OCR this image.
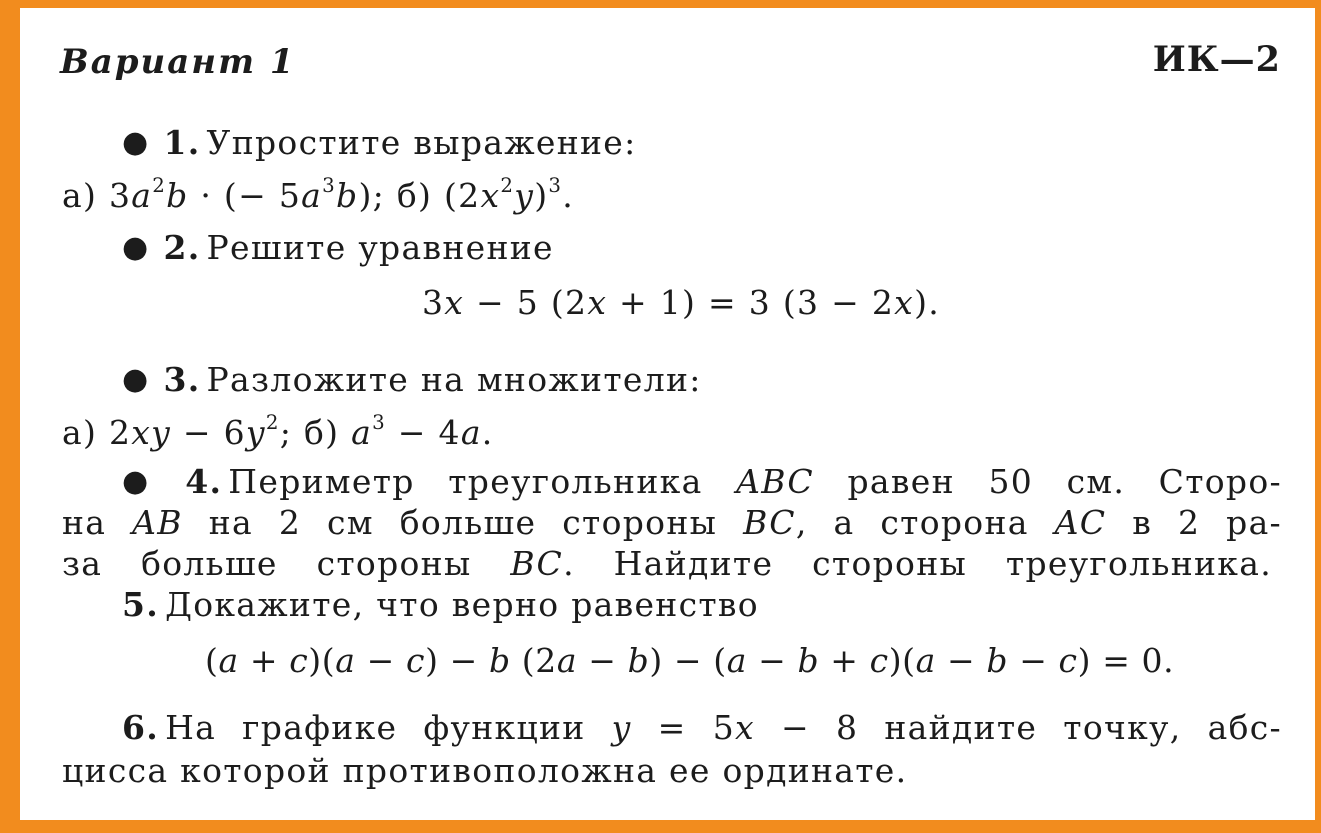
Вариант 1	ИК—2
● 1. Упростите выражение:
а) $3a^2b$ · (− $5a^3b$); б) $(2x^2y)^3$.
● 2. Решите уравнение
3x − 5 (2x + 1) = 3 (3 − 2x).
● 3. Разложите на множители:
а) $2xy - 6y^2$; б) $a^3 - 4a$.
● 4. Периметр треугольника ABC равен 50 см. Сторо-
на AB на 2 см больше стороны BC, а сторона AC в 2 ра-
за больше стороны BC. Найдите стороны треугольника.
5. Докажите, что верно равенство
(a + c)(a − c) − b (2a − b) − (a − b + c)(a − b − c) = 0.
6. На графике функции y = 5x − 8 найдите точку, абс-
цисса которой противоположна ее ординате.
